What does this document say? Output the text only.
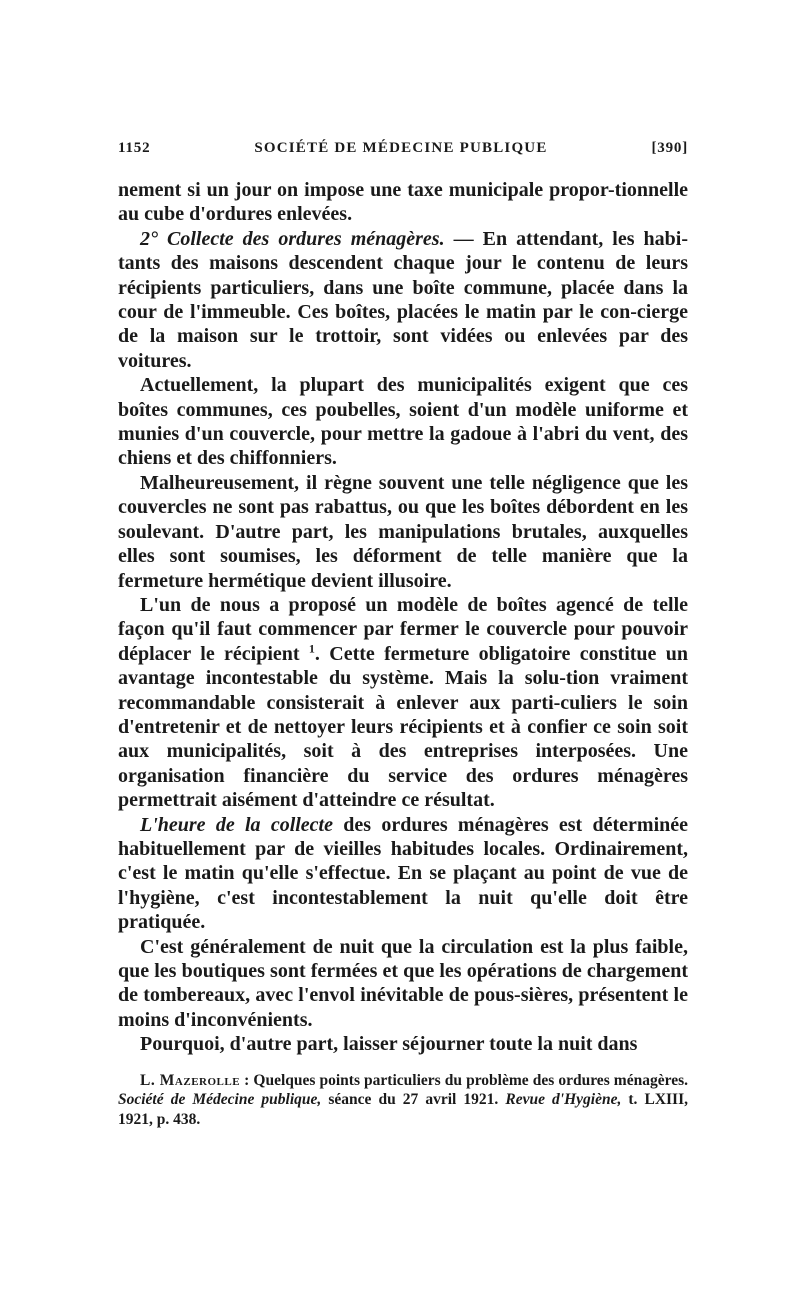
1152	SOCIÉTÉ DE MÉDECINE PUBLIQUE	[390]

nement si un jour on impose une taxe municipale propor-tionnelle au cube d'ordures enlevées.

2° Collecte des ordures ménagères. — En attendant, les habi-tants des maisons descendent chaque jour le contenu de leurs récipients particuliers, dans une boîte commune, placée dans la cour de l'immeuble. Ces boîtes, placées le matin par le con-cierge de la maison sur le trottoir, sont vidées ou enlevées par des voitures.

Actuellement, la plupart des municipalités exigent que ces boîtes communes, ces poubelles, soient d'un modèle uniforme et munies d'un couvercle, pour mettre la gadoue à l'abri du vent, des chiens et des chiffonniers.

Malheureusement, il règne souvent une telle négligence que les couvercles ne sont pas rabattus, ou que les boîtes débordent en les soulevant. D'autre part, les manipulations brutales, auxquelles elles sont soumises, les déforment de telle manière que la fermeture hermétique devient illusoire.

L'un de nous a proposé un modèle de boîtes agencé de telle façon qu'il faut commencer par fermer le couvercle pour pouvoir déplacer le récipient $^1$. Cette fermeture obligatoire constitue un avantage incontestable du système. Mais la solu-tion vraiment recommandable consisterait à enlever aux parti-culiers le soin d'entretenir et de nettoyer leurs récipients et à confier ce soin soit aux municipalités, soit à des entreprises interposées. Une organisation financière du service des ordures ménagères permettrait aisément d'atteindre ce résultat.

L'heure de la collecte des ordures ménagères est déterminée habituellement par de vieilles habitudes locales. Ordinairement, c'est le matin qu'elle s'effectue. En se plaçant au point de vue de l'hygiène, c'est incontestablement la nuit qu'elle doit être pratiquée.

C'est généralement de nuit que la circulation est la plus faible, que les boutiques sont fermées et que les opérations de chargement de tombereaux, avec l'envol inévitable de pous-sières, présentent le moins d'inconvénients.

Pourquoi, d'autre part, laisser séjourner toute la nuit dans

L. Mazerolle : Quelques points particuliers du problème des ordures ménagères. Société de Médecine publique, séance du 27 avril 1921. Revue d'Hygiène, t. LXIII, 1921, p. 438.
